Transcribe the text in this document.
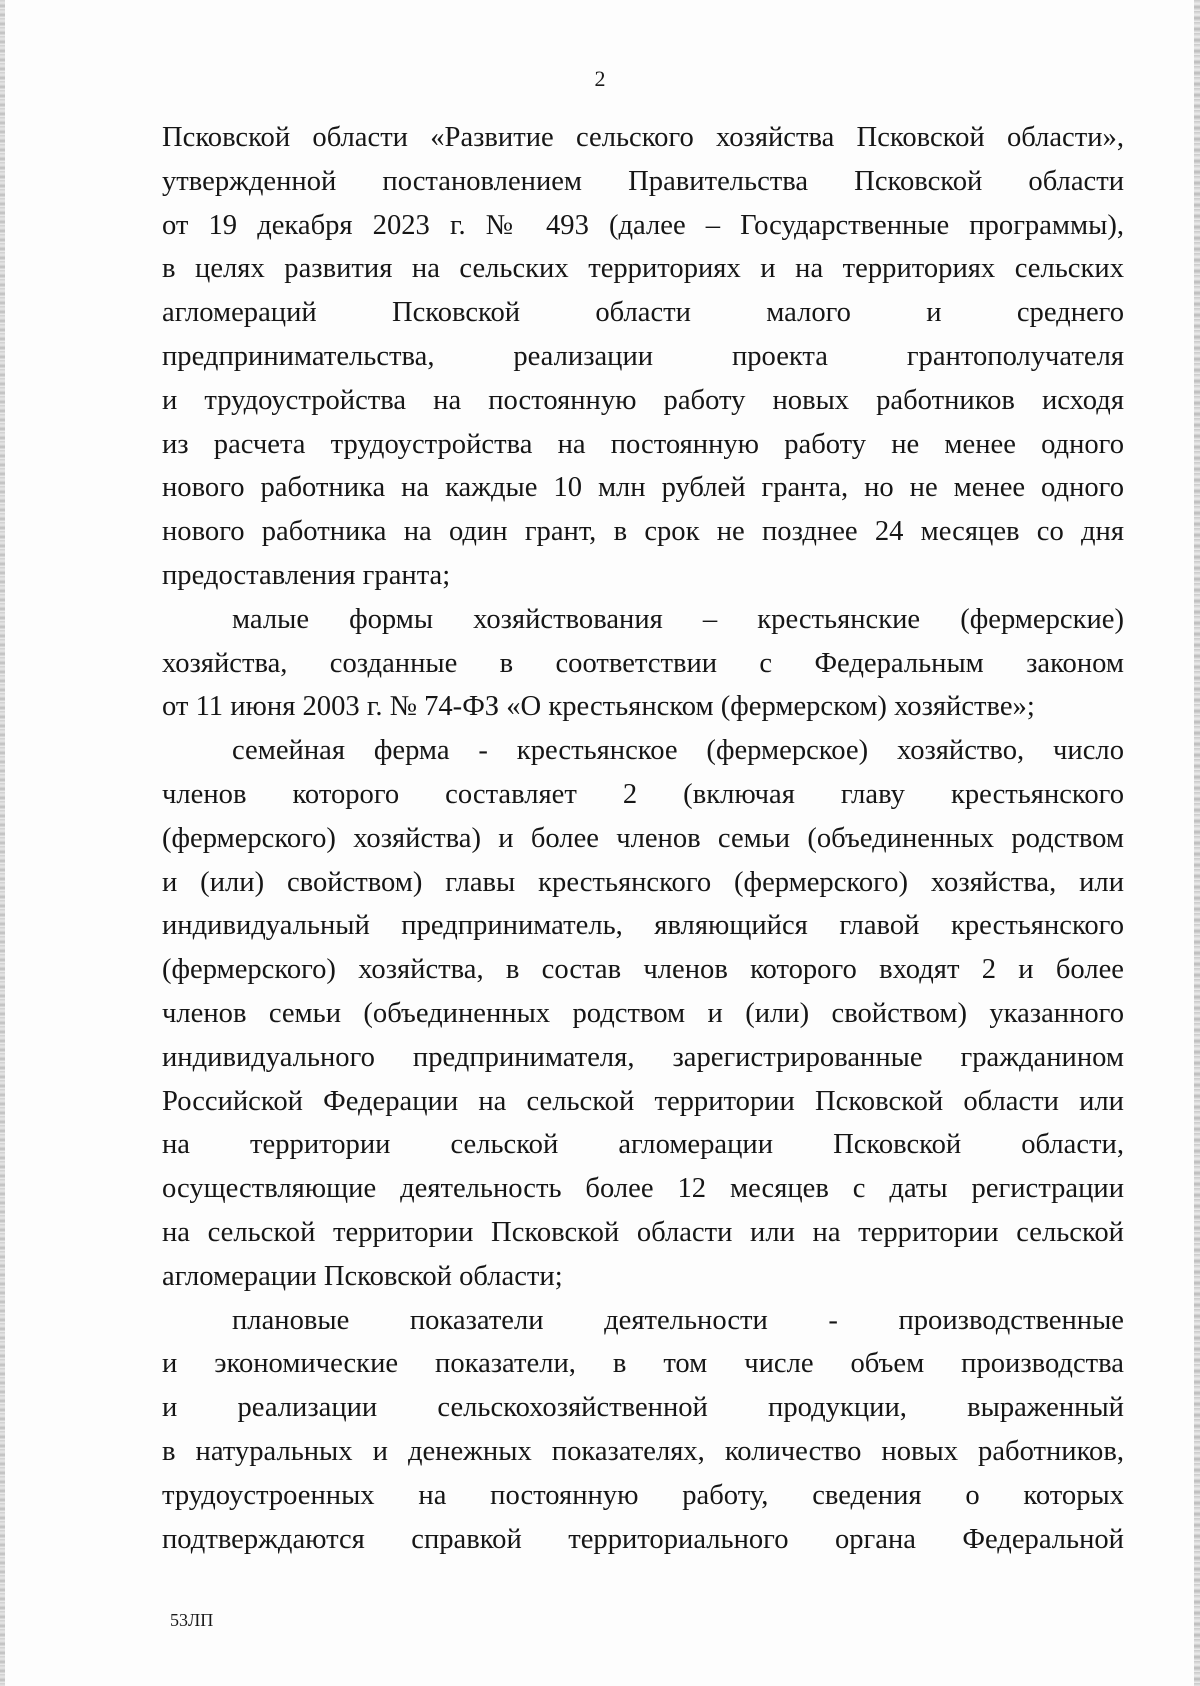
2

Псковской области «Развитие сельского хозяйства Псковской области»,

утвержденной постановлением Правительства Псковской области

от 19 декабря 2023 г. № 493 (далее – Государственные программы),

в целях развития на сельских территориях и на территориях сельских

агломераций Псковской области малого и среднего

предпринимательства, реализации проекта грантополучателя

и трудоустройства на постоянную работу новых работников исходя

из расчета трудоустройства на постоянную работу не менее одного

нового работника на каждые 10 млн рублей гранта, но не менее одного

нового работника на один грант, в срок не позднее 24 месяцев со дня

предоставления гранта;

малые формы хозяйствования – крестьянские (фермерские)

хозяйства, созданные в соответствии с Федеральным законом

от 11 июня 2003 г. № 74-ФЗ «О крестьянском (фермерском) хозяйстве»;

семейная ферма - крестьянское (фермерское) хозяйство, число

членов которого составляет 2 (включая главу крестьянского

(фермерского) хозяйства) и более членов семьи (объединенных родством

и (или) свойством) главы крестьянского (фермерского) хозяйства, или

индивидуальный предприниматель, являющийся главой крестьянского

(фермерского) хозяйства, в состав членов которого входят 2 и более

членов семьи (объединенных родством и (или) свойством) указанного

индивидуального предпринимателя, зарегистрированные гражданином

Российской Федерации на сельской территории Псковской области или

на территории сельской агломерации Псковской области,

осуществляющие деятельность более 12 месяцев с даты регистрации

на сельской территории Псковской области или на территории сельской

агломерации Псковской области;

плановые показатели деятельности - производственные

и экономические показатели, в том числе объем производства

и реализации сельскохозяйственной продукции, выраженный

в натуральных и денежных показателях, количество новых работников,

трудоустроенных на постоянную работу, сведения о которых

подтверждаются справкой территориального органа Федеральной

53ЛП
